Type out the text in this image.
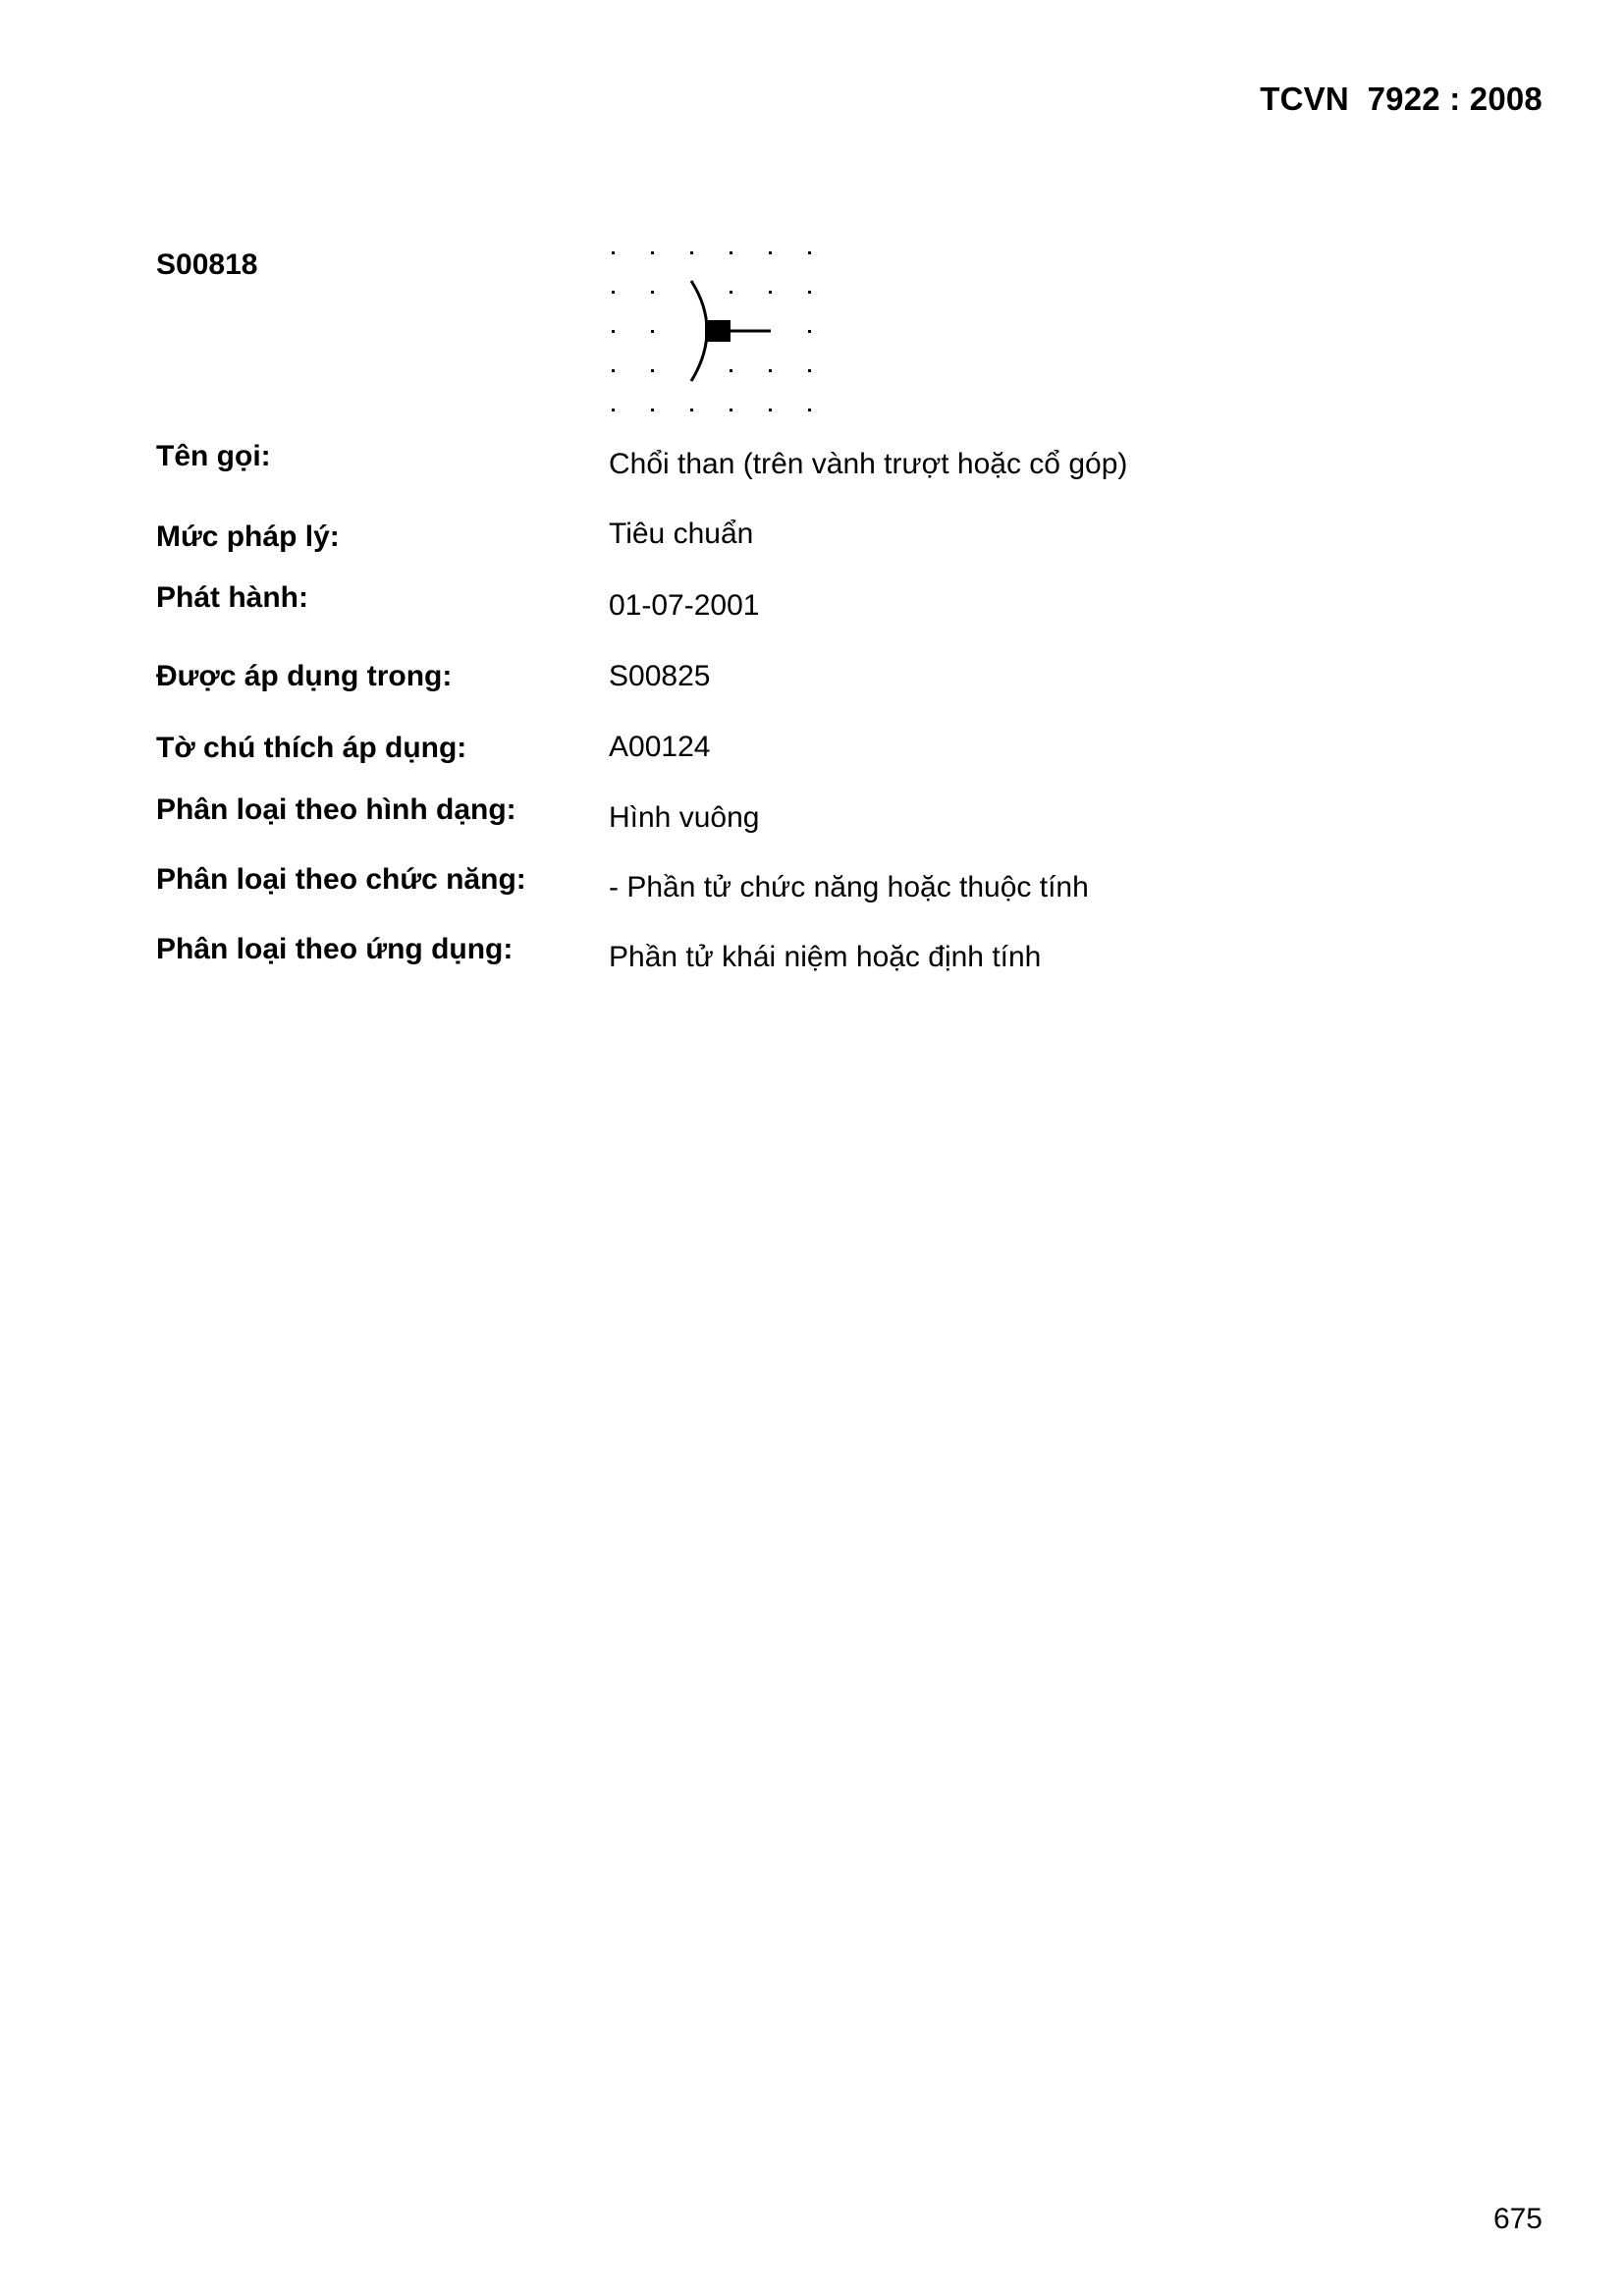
TCVN  7922 : 2008
S00818
Tên gọi:	Chổi than (trên vành trượt hoặc cổ góp)
Mức pháp lý:	Tiêu chuẩn
Phát hành:	01-07-2001
Được áp dụng trong:	S00825
Tờ chú thích áp dụng:	A00124
Phân loại theo hình dạng:	Hình vuông
Phân loại theo chức năng:	- Phần tử chức năng hoặc thuộc tính
Phân loại theo ứng dụng:	Phần tử khái niệm hoặc định tính
675
